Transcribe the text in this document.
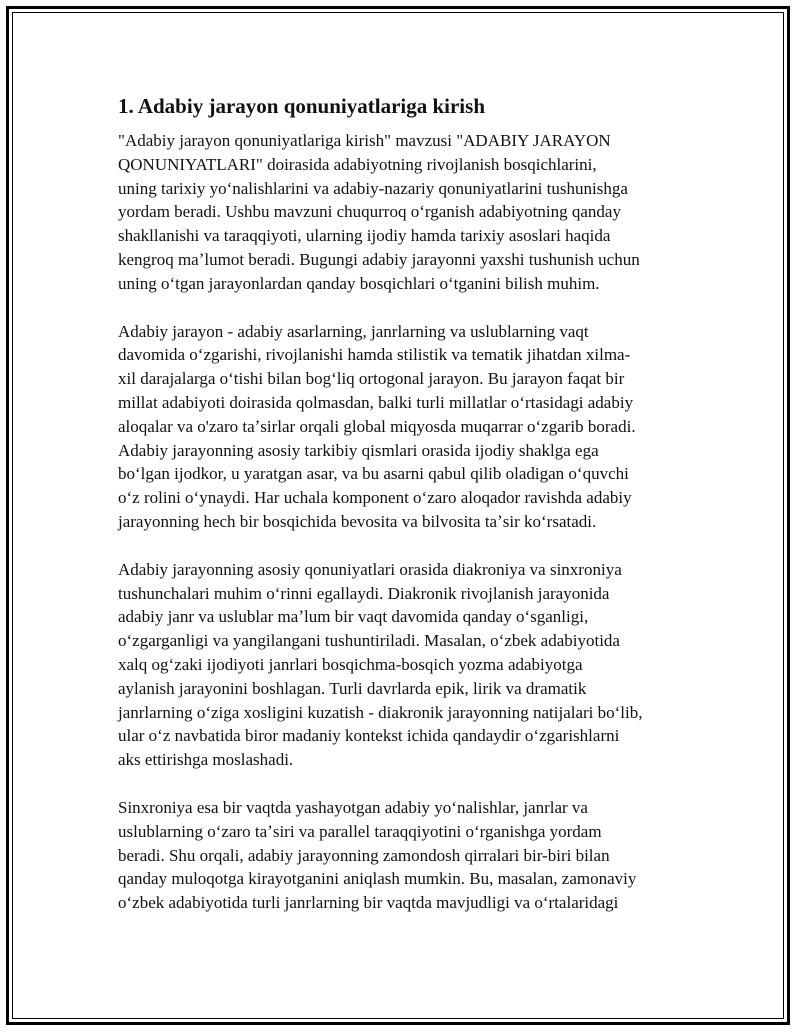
1. Adabiy jarayon qonuniyatlariga kirish

"Adabiy jarayon qonuniyatlariga kirish" mavzusi "ADABIY JARAYON
QONUNIYATLARI" doirasida adabiyotning rivojlanish bosqichlarini,
uning tarixiy yoʻnalishlarini va adabiy-nazariy qonuniyatlarini tushunishga
yordam beradi. Ushbu mavzuni chuqurroq oʻrganish adabiyotning qanday
shakllanishi va taraqqiyoti, ularning ijodiy hamda tarixiy asoslari haqida
kengroq maʼlumot beradi. Bugungi adabiy jarayonni yaxshi tushunish uchun
uning oʻtgan jarayonlardan qanday bosqichlari oʻtganini bilish muhim.

Adabiy jarayon - adabiy asarlarning, janrlarning va uslublarning vaqt
davomida oʻzgarishi, rivojlanishi hamda stilistik va tematik jihatdan xilma-
xil darajalarga oʻtishi bilan bogʻliq ortogonal jarayon. Bu jarayon faqat bir
millat adabiyoti doirasida qolmasdan, balki turli millatlar oʻrtasidagi adabiy
aloqalar va o'zaro taʼsirlar orqali global miqyosda muqarrar oʻzgarib boradi.
Adabiy jarayonning asosiy tarkibiy qismlari orasida ijodiy shaklga ega
boʻlgan ijodkor, u yaratgan asar, va bu asarni qabul qilib oladigan oʻquvchi
oʻz rolini oʻynaydi. Har uchala komponent oʻzaro aloqador ravishda adabiy
jarayonning hech bir bosqichida bevosita va bilvosita taʼsir koʻrsatadi.

Adabiy jarayonning asosiy qonuniyatlari orasida diakroniya va sinxroniya
tushunchalari muhim oʻrinni egallaydi. Diakronik rivojlanish jarayonida
adabiy janr va uslublar maʼlum bir vaqt davomida qanday oʻsganligi,
oʻzgarganligi va yangilangani tushuntiriladi. Masalan, oʻzbek adabiyotida
xalq ogʻzaki ijodiyoti janrlari bosqichma-bosqich yozma adabiyotga
aylanish jarayonini boshlagan. Turli davrlarda epik, lirik va dramatik
janrlarning oʻziga xosligini kuzatish - diakronik jarayonning natijalari boʻlib,
ular oʻz navbatida biror madaniy kontekst ichida qandaydir oʻzgarishlarni
aks ettirishga moslashadi.

Sinxroniya esa bir vaqtda yashayotgan adabiy yoʻnalishlar, janrlar va
uslublarning oʻzaro taʼsiri va parallel taraqqiyotini oʻrganishga yordam
beradi. Shu orqali, adabiy jarayonning zamondosh qirralari bir-biri bilan
qanday muloqotga kirayotganini aniqlash mumkin. Bu, masalan, zamonaviy
oʻzbek adabiyotida turli janrlarning bir vaqtda mavjudligi va oʻrtalaridagi
